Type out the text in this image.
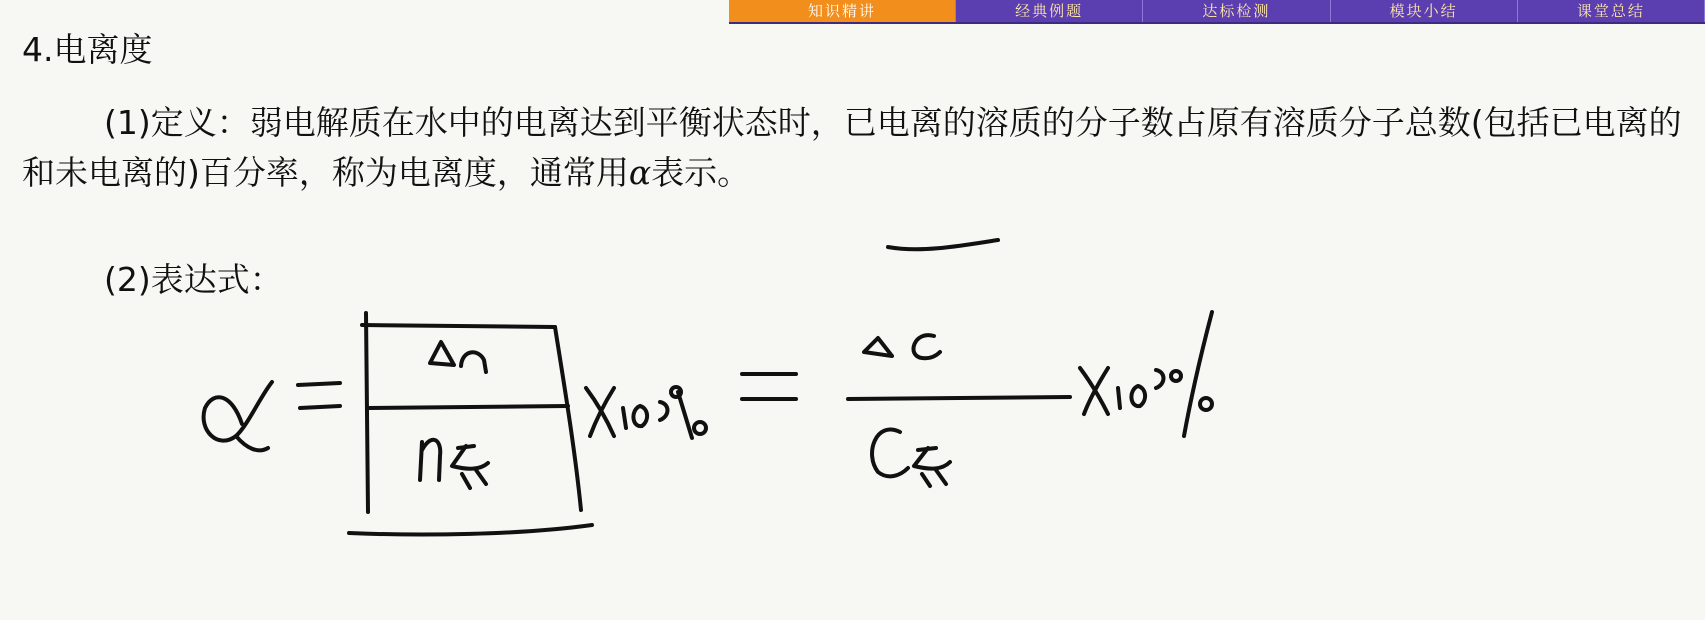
知识精讲	经典例题	达标检测	模块小结	课堂总结
4.电离度

(1)定义：弱电解质在水中的电离达到平衡状态时，已电离的溶质的分子数占原有溶质分子总数(包括已电离的和未电离的)百分率，称为电离度，通常用α表示。

(2)表达式：
